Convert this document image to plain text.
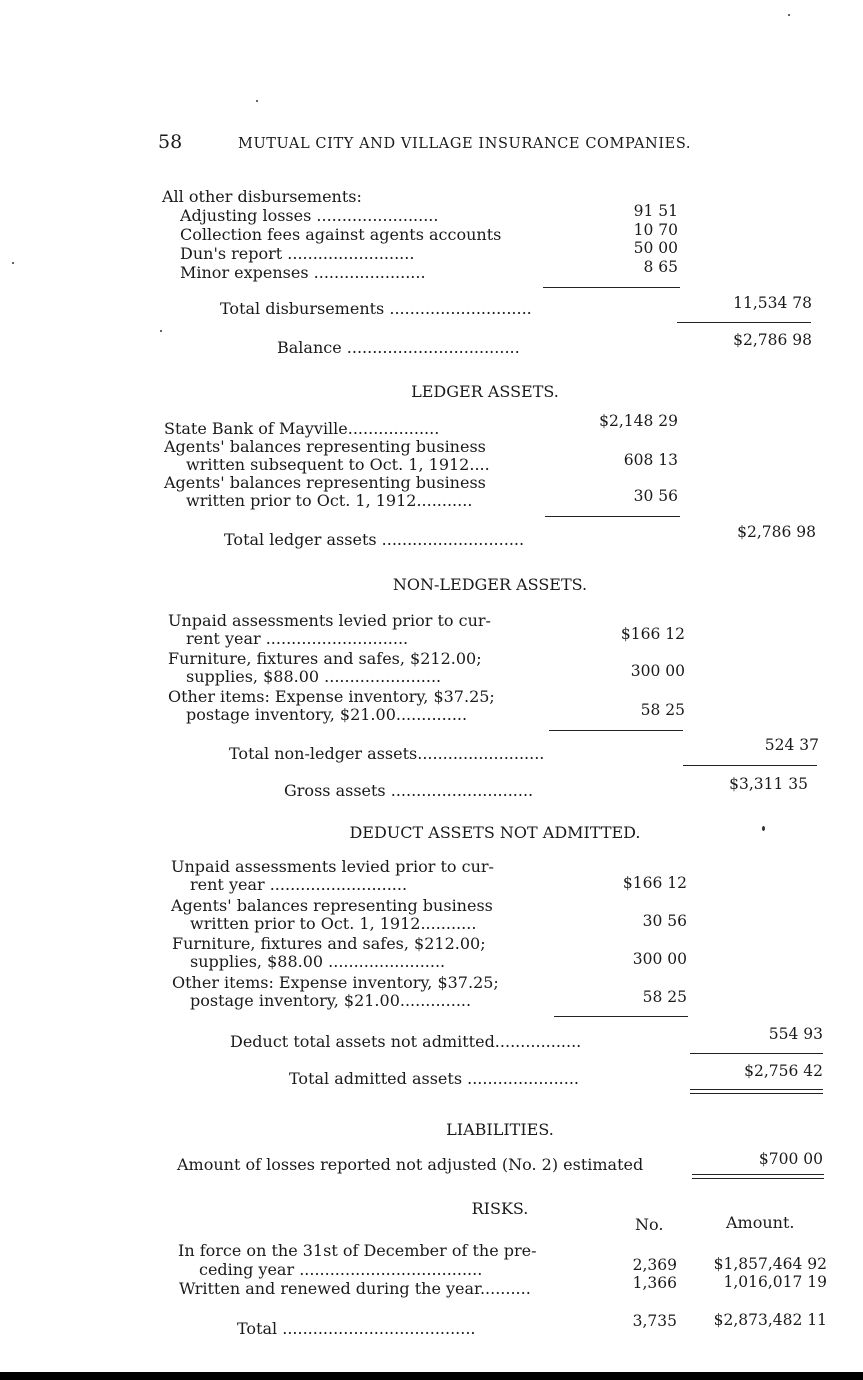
58	MUTUAL CITY AND VILLAGE INSURANCE COMPANIES.
All other disbursements:
Adjusting losses ........................	91 51
Collection fees against agents accounts	10 70
Dun's report .........................	50 00
Minor expenses ......................	8 65
Total disbursements ............................	11,534 78
Balance ..................................	$2,786 98
LEDGER ASSETS.
State Bank of Mayville..................	$2,148 29
Agents' balances representing business
written subsequent to Oct. 1, 1912....	608 13
Agents' balances representing business
written prior to Oct. 1, 1912...........	30 56
Total ledger assets ............................	$2,786 98
NON-LEDGER ASSETS.
Unpaid assessments levied prior to cur-
rent year ............................	$166 12
Furniture, fixtures and safes, $212.00;
supplies, $88.00 .......................	300 00
Other items: Expense inventory, $37.25;
postage inventory, $21.00..............	58 25
Total non-ledger assets.........................	524 37
Gross assets ............................	$3,311 35
DEDUCT ASSETS NOT ADMITTED.
Unpaid assessments levied prior to cur-
rent year ...........................	$166 12
Agents' balances representing business
written prior to Oct. 1, 1912...........	30 56
Furniture, fixtures and safes, $212.00;
supplies, $88.00 .......................	300 00
Other items: Expense inventory, $37.25;
postage inventory, $21.00..............	58 25
Deduct total assets not admitted.................	554 93
Total admitted assets ......................	$2,756 42
LIABILITIES.
Amount of losses reported not adjusted (No. 2) estimated	$700 00
RISKS.
No.	Amount.
In force on the 31st of December of the pre-
ceding year ....................................	2,369 $1,857,464 92
Written and renewed during the year..........	1,366	1,016,017 19
Total ......................................	3,735 $2,873,482 11
